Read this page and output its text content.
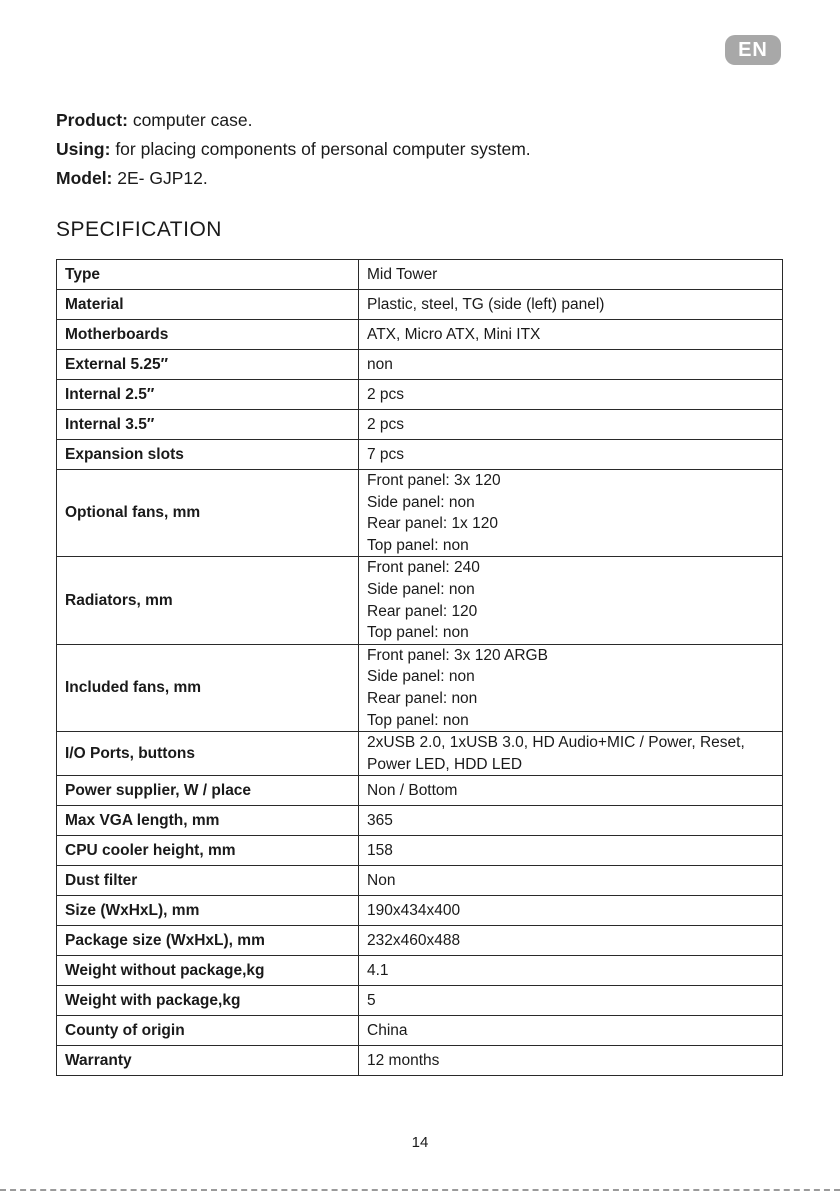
EN
Product: computer case.
Using: for placing components of personal computer system.
Model: 2E- GJP12.
SPECIFICATION
Type	Mid Tower

Material	Plastic, steel, TG (side (left) panel)

Motherboards	ATX, Micro ATX, Mini ITX

External 5.25″	non

Internal 2.5″	2 pcs

Internal 3.5″	2 pcs

Expansion slots	7 pcs

Optional fans, mm	Front panel: 3x 120
Side panel: non
Rear panel: 1x 120
Top panel: non

Radiators, mm	Front panel: 240
Side panel: non
Rear panel: 120
Top panel: non

Included fans, mm	Front panel: 3x 120 ARGB
Side panel: non
Rear panel: non
Top panel: non

I/O Ports, buttons	2xUSB 2.0, 1xUSB 3.0, HD Audio+MIC / Power, Reset,
Power LED, HDD LED

Power supplier, W / place	Non / Bottom

Max VGA length, mm	365

CPU cooler height, mm	158

Dust filter	Non

Size (WxHxL), mm	190x434x400

Package size (WxHxL), mm	232x460x488

Weight without package,kg	4.1

Weight with package,kg	5

County of origin	China

Warranty	12 months
14
